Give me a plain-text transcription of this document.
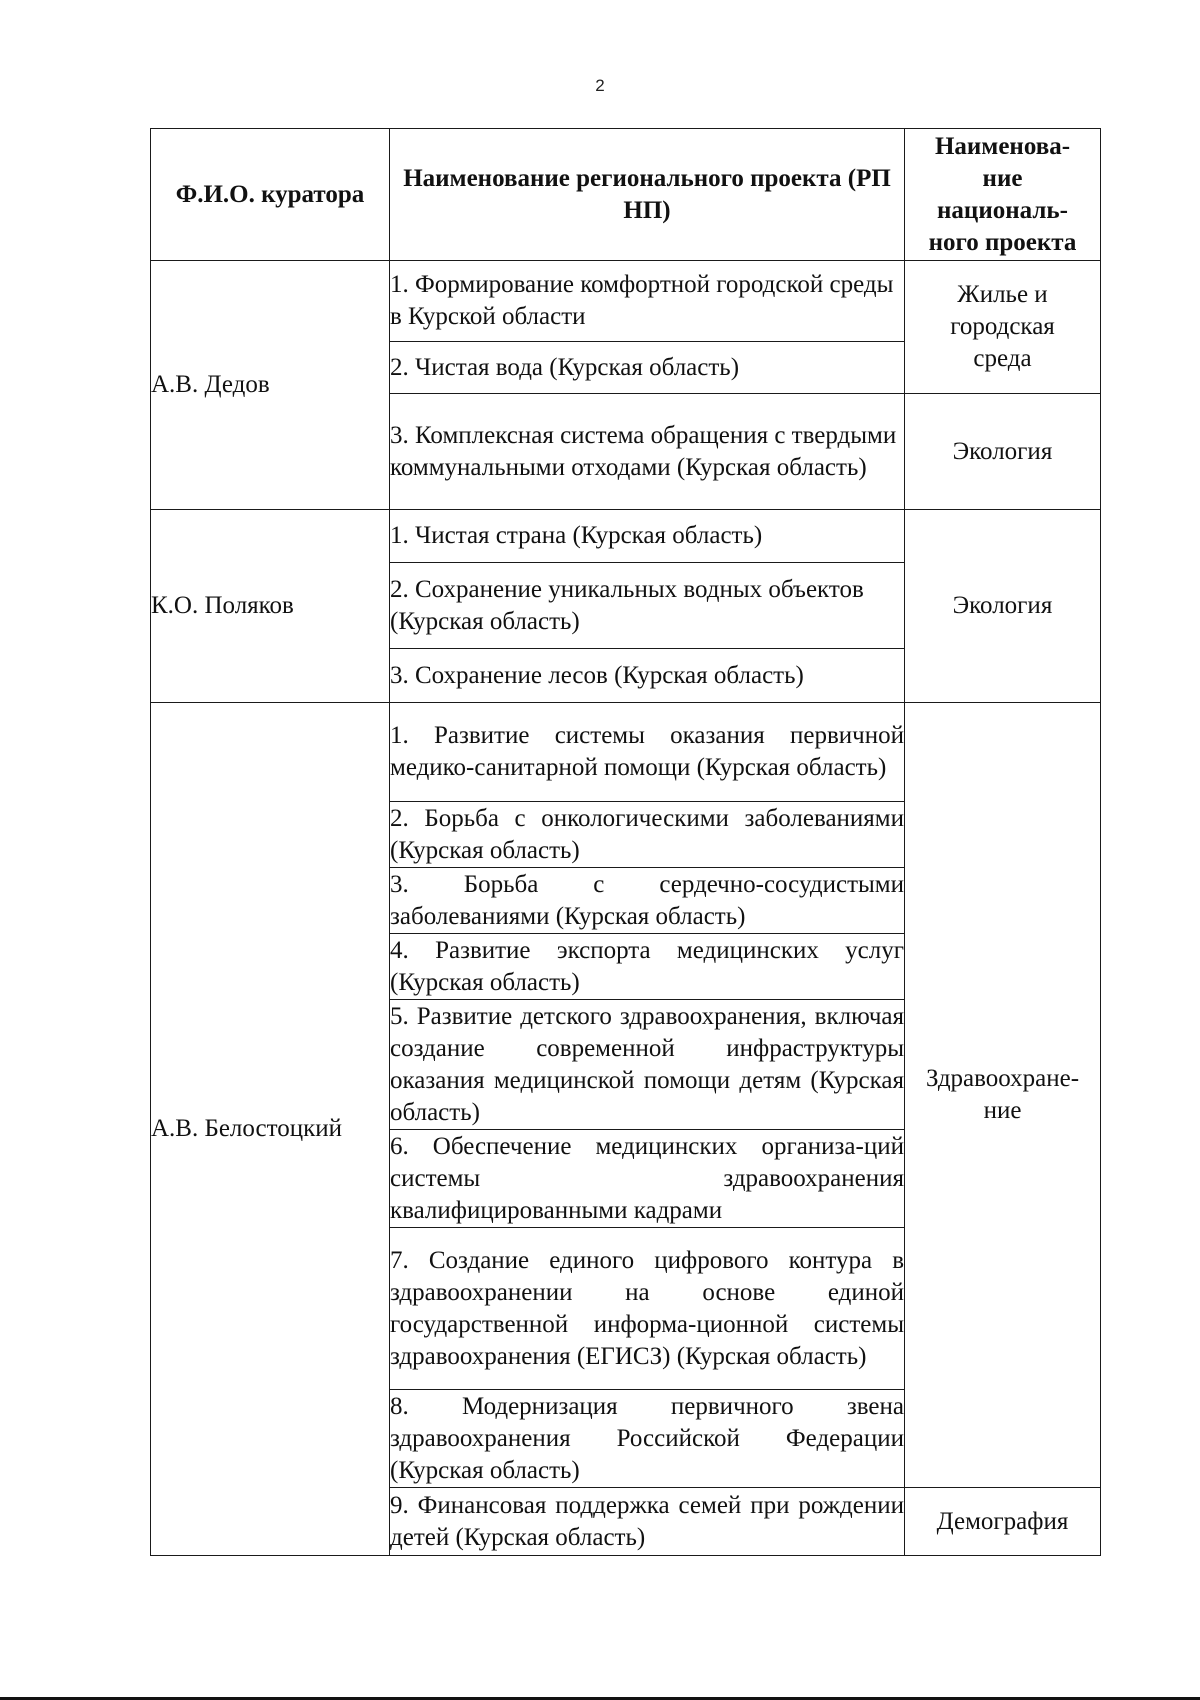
2
Ф.И.О. куратора	Наименование регионального проекта (РП НП)	Наименова-
ние
националь-
ного проекта

А.В. Дедов	1. Формирование комфортной городской среды в Курской области	Жилье и
городская
среда

	2. Чистая вода (Курская область)	
	3. Комплексная система обращения с твердыми коммунальными отходами (Курская область)	Экология

К.О. Поляков	1. Чистая страна (Курская область)	Экология

	2. Сохранение уникальных водных объектов (Курская область)	
	3. Сохранение лесов (Курская область)	
А.В. Белостоцкий	1. Развитие системы оказания первичной медико-санитарной помощи (Курская область)	Здравоохране-
ние

	2. Борьба с онкологическими заболеваниями (Курская область)	
	3. Борьба с сердечно-сосудистыми заболеваниями (Курская область)	
	4. Развитие экспорта медицинских услуг (Курская область)	
	5. Развитие детского здравоохранения, включая создание современной инфраструктуры оказания медицинской помощи детям (Курская область)	
	6. Обеспечение медицинских организа-ций системы здравоохранения квалифицированными кадрами	
	7. Создание единого цифрового контура в здравоохранении на основе единой государственной информа-ционной системы здравоохранения (ЕГИСЗ) (Курская область)	
	8. Модернизация первичного звена здравоохранения Российской Федерации (Курская область)	
	9. Финансовая поддержка семей при рождении детей (Курская область)	Демография
